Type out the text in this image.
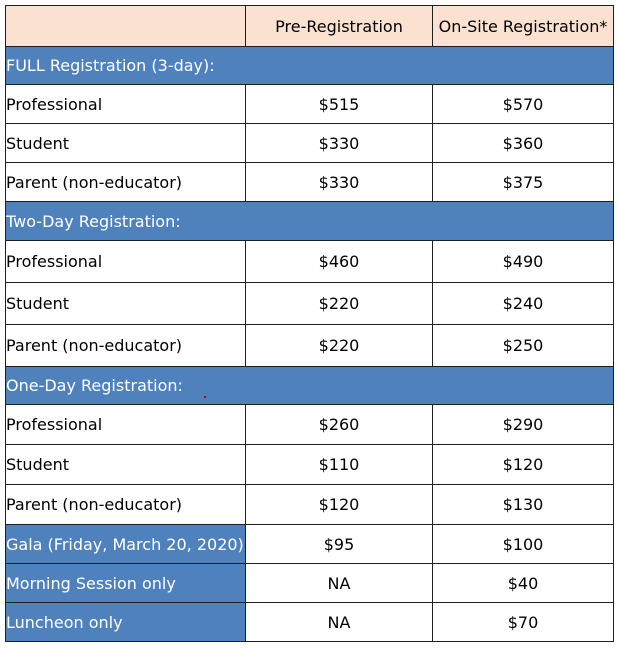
	Pre-Registration	On-Site Registration*
FULL Registration (3-day):		
Professional	$515	$570
Student	$330	$360
Parent (non-educator)	$330	$375
Two-Day Registration:		
Professional	$460	$490
Student	$220	$240
Parent (non-educator)	$220	$250
One-Day Registration:		
Professional	$260	$290
Student	$110	$120
Parent (non-educator)	$120	$130
Gala (Friday, March 20, 2020)	$95	$100
Morning Session only	NA	$40
Luncheon only	NA	$70
